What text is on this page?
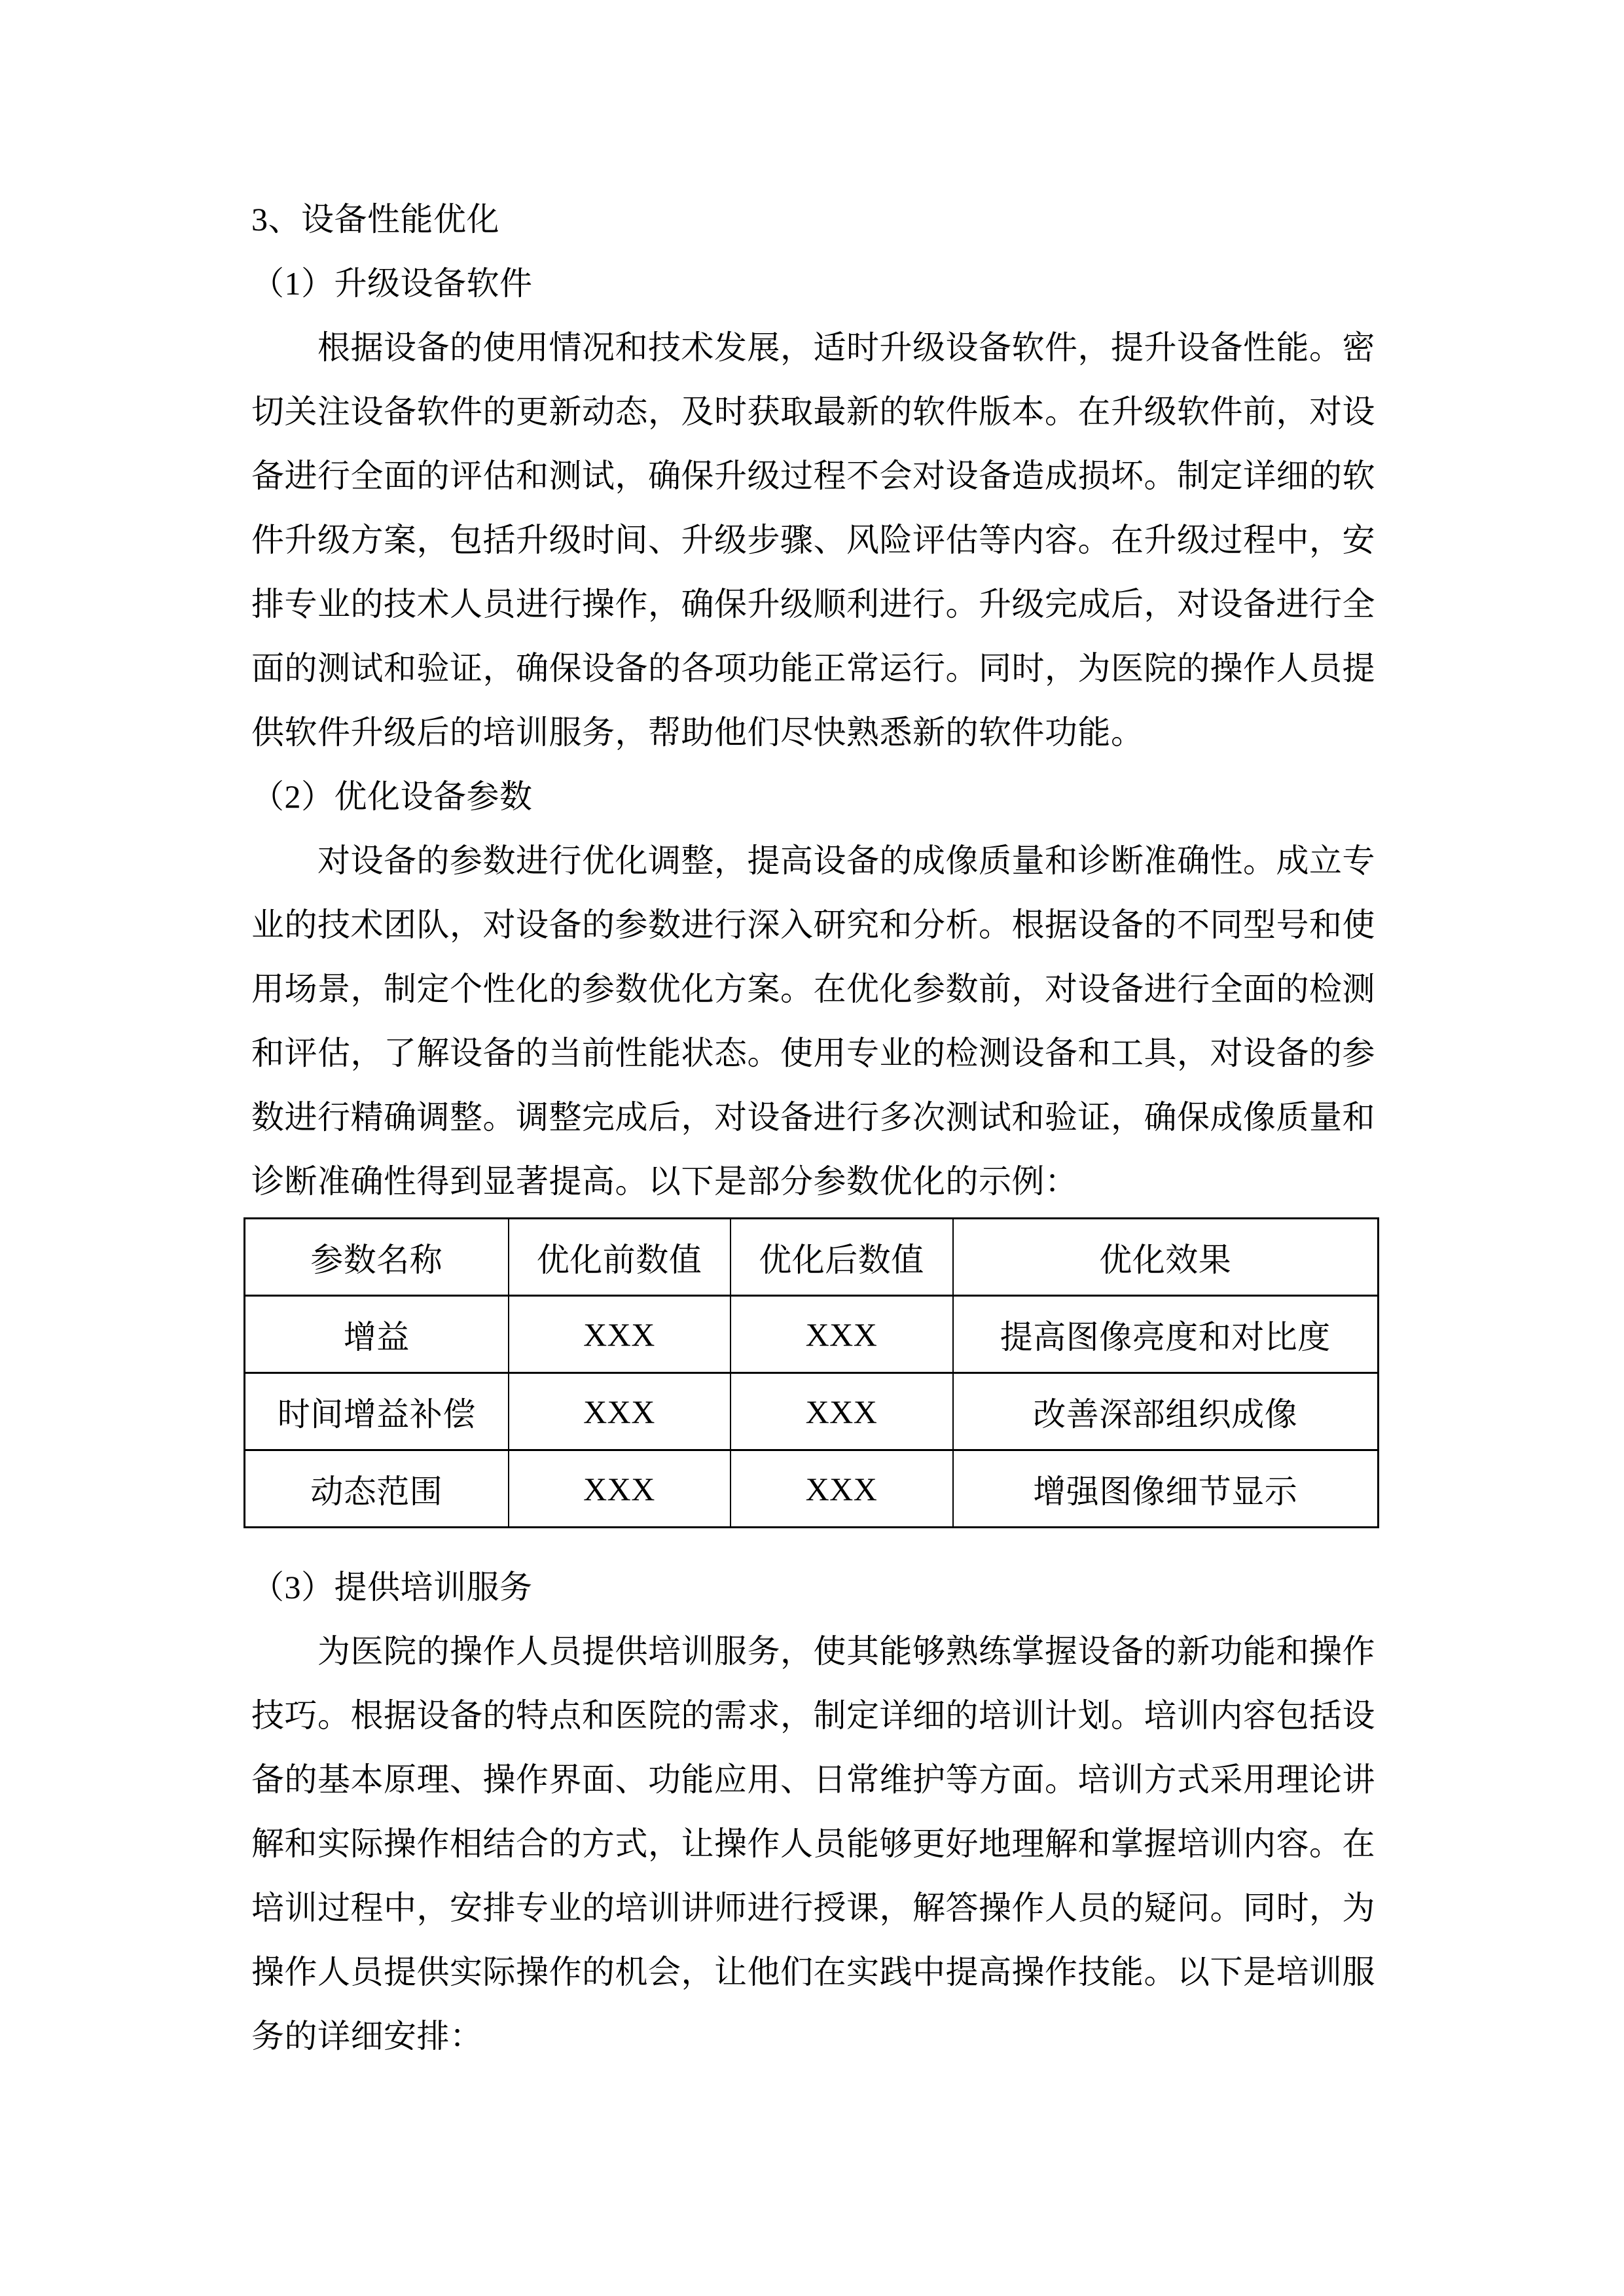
3、设备性能优化
（1）升级设备软件
　　根据设备的使用情况和技术发展，适时升级设备软件，提升设备性能。密
切关注设备软件的更新动态，及时获取最新的软件版本。在升级软件前，对设
备进行全面的评估和测试，确保升级过程不会对设备造成损坏。制定详细的软
件升级方案，包括升级时间、升级步骤、风险评估等内容。在升级过程中，安
排专业的技术人员进行操作，确保升级顺利进行。升级完成后，对设备进行全
面的测试和验证，确保设备的各项功能正常运行。同时，为医院的操作人员提
供软件升级后的培训服务，帮助他们尽快熟悉新的软件功能。
（2）优化设备参数
　　对设备的参数进行优化调整，提高设备的成像质量和诊断准确性。成立专
业的技术团队，对设备的参数进行深入研究和分析。根据设备的不同型号和使
用场景，制定个性化的参数优化方案。在优化参数前，对设备进行全面的检测
和评估，了解设备的当前性能状态。使用专业的检测设备和工具，对设备的参
数进行精确调整。调整完成后，对设备进行多次测试和验证，确保成像质量和
诊断准确性得到显著提高。以下是部分参数优化的示例：
参数名称	优化前数值	优化后数值	优化效果
增益	XXX	XXX	提高图像亮度和对比度
时间增益补偿	XXX	XXX	改善深部组织成像
动态范围	XXX	XXX	增强图像细节显示
（3）提供培训服务
　　为医院的操作人员提供培训服务，使其能够熟练掌握设备的新功能和操作
技巧。根据设备的特点和医院的需求，制定详细的培训计划。培训内容包括设
备的基本原理、操作界面、功能应用、日常维护等方面。培训方式采用理论讲
解和实际操作相结合的方式，让操作人员能够更好地理解和掌握培训内容。在
培训过程中，安排专业的培训讲师进行授课，解答操作人员的疑问。同时，为
操作人员提供实际操作的机会，让他们在实践中提高操作技能。以下是培训服
务的详细安排：
